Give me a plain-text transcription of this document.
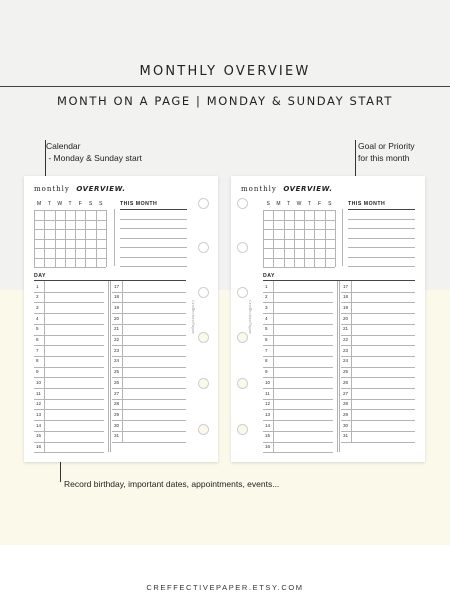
MONTHLY OVERVIEW
MONTH ON A PAGE | MONDAY & SUNDAY START
Calendar
- Monday & Sunday start
Goal or Priority
for this month
Record birthday, important dates, appointments, events...
monthly OVERVIEW.
THIS MONTH
DAY
CreffectivePaper
M	T	W	T	F	S	S
1	17
2	18
3	19
4	20
5	21
6	22
7	23
8	24
9	25
10	26
11	27
12	28
13	29
14	30
15	31
16
monthly OVERVIEW.
THIS MONTH
DAY
CreffectivePaper
S	M	T	W	T	F	S
1	17
2	18
3	19
4	20
5	21
6	22
7	23
8	24
9	25
10	26
11	27
12	28
13	29
14	30
15	31
16
CREFFECTIVEPAPER.ETSY.COM
